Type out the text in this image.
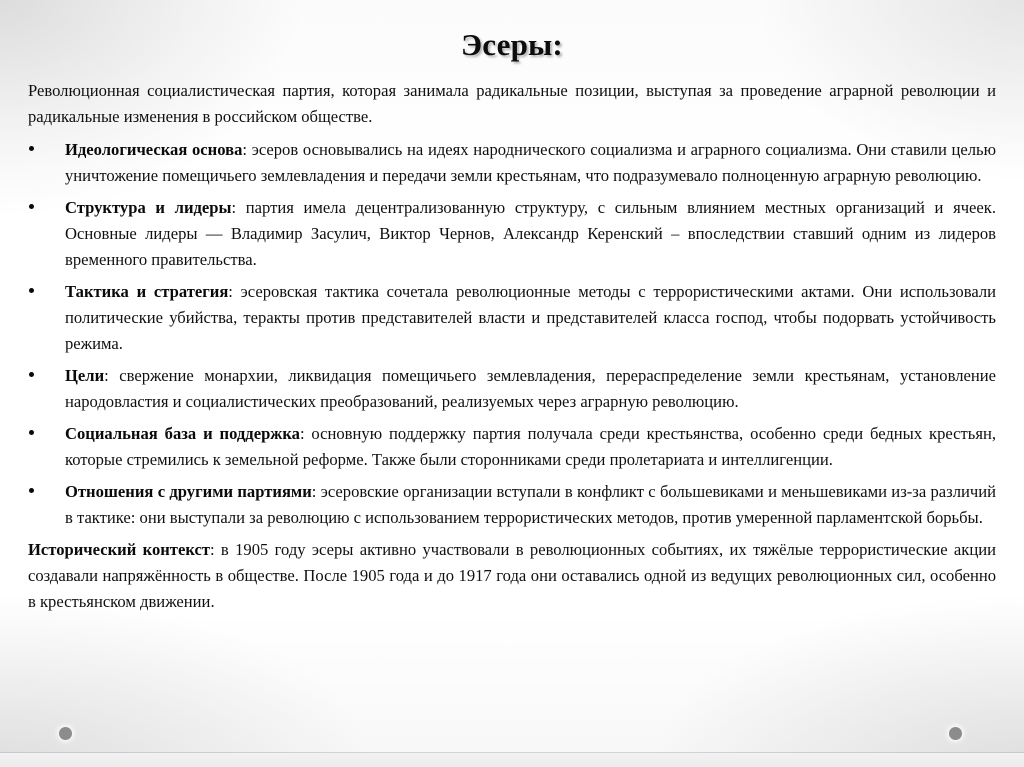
Эсеры:

Революционная социалистическая партия, которая занимала радикальные позиции, выступая за проведение аграрной революции и радикальные изменения в российском обществе.

Идеологическая основа: эсеров основывались на идеях народнического социализма и аграрного социализма. Они ставили целью уничтожение помещичьего землевладения и передачи земли крестьянам, что подразумевало полноценную аграрную революцию.
Структура и лидеры: партия имела децентрализованную структуру, с сильным влиянием местных организаций и ячеек. Основные лидеры — Владимир Засулич, Виктор Чернов, Александр Керенский – впоследствии ставший одним из лидеров временного правительства.
Тактика и стратегия: эсеровская тактика сочетала революционные методы с террористическими актами. Они использовали политические убийства, теракты против представителей власти и представителей класса господ, чтобы подорвать устойчивость режима.
Цели: свержение монархии, ликвидация помещичьего землевладения, перераспределение земли крестьянам, установление народовластия и социалистических преобразований, реализуемых через аграрную революцию.
Социальная база и поддержка: основную поддержку партия получала среди крестьянства, особенно среди бедных крестьян, которые стремились к земельной реформе. Также были сторонниками среди пролетариата и интеллигенции.
Отношения с другими партиями: эсеровские организации вступали в конфликт с большевиками и меньшевиками из-за различий в тактике: они выступали за революцию с использованием террористических методов, против умеренной парламентской борьбы.

Исторический контекст: в 1905 году эсеры активно участвовали в революционных событиях, их тяжёлые террористические акции создавали напряжённость в обществе. После 1905 года и до 1917 года они оставались одной из ведущих революционных сил, особенно в крестьянском движении.
